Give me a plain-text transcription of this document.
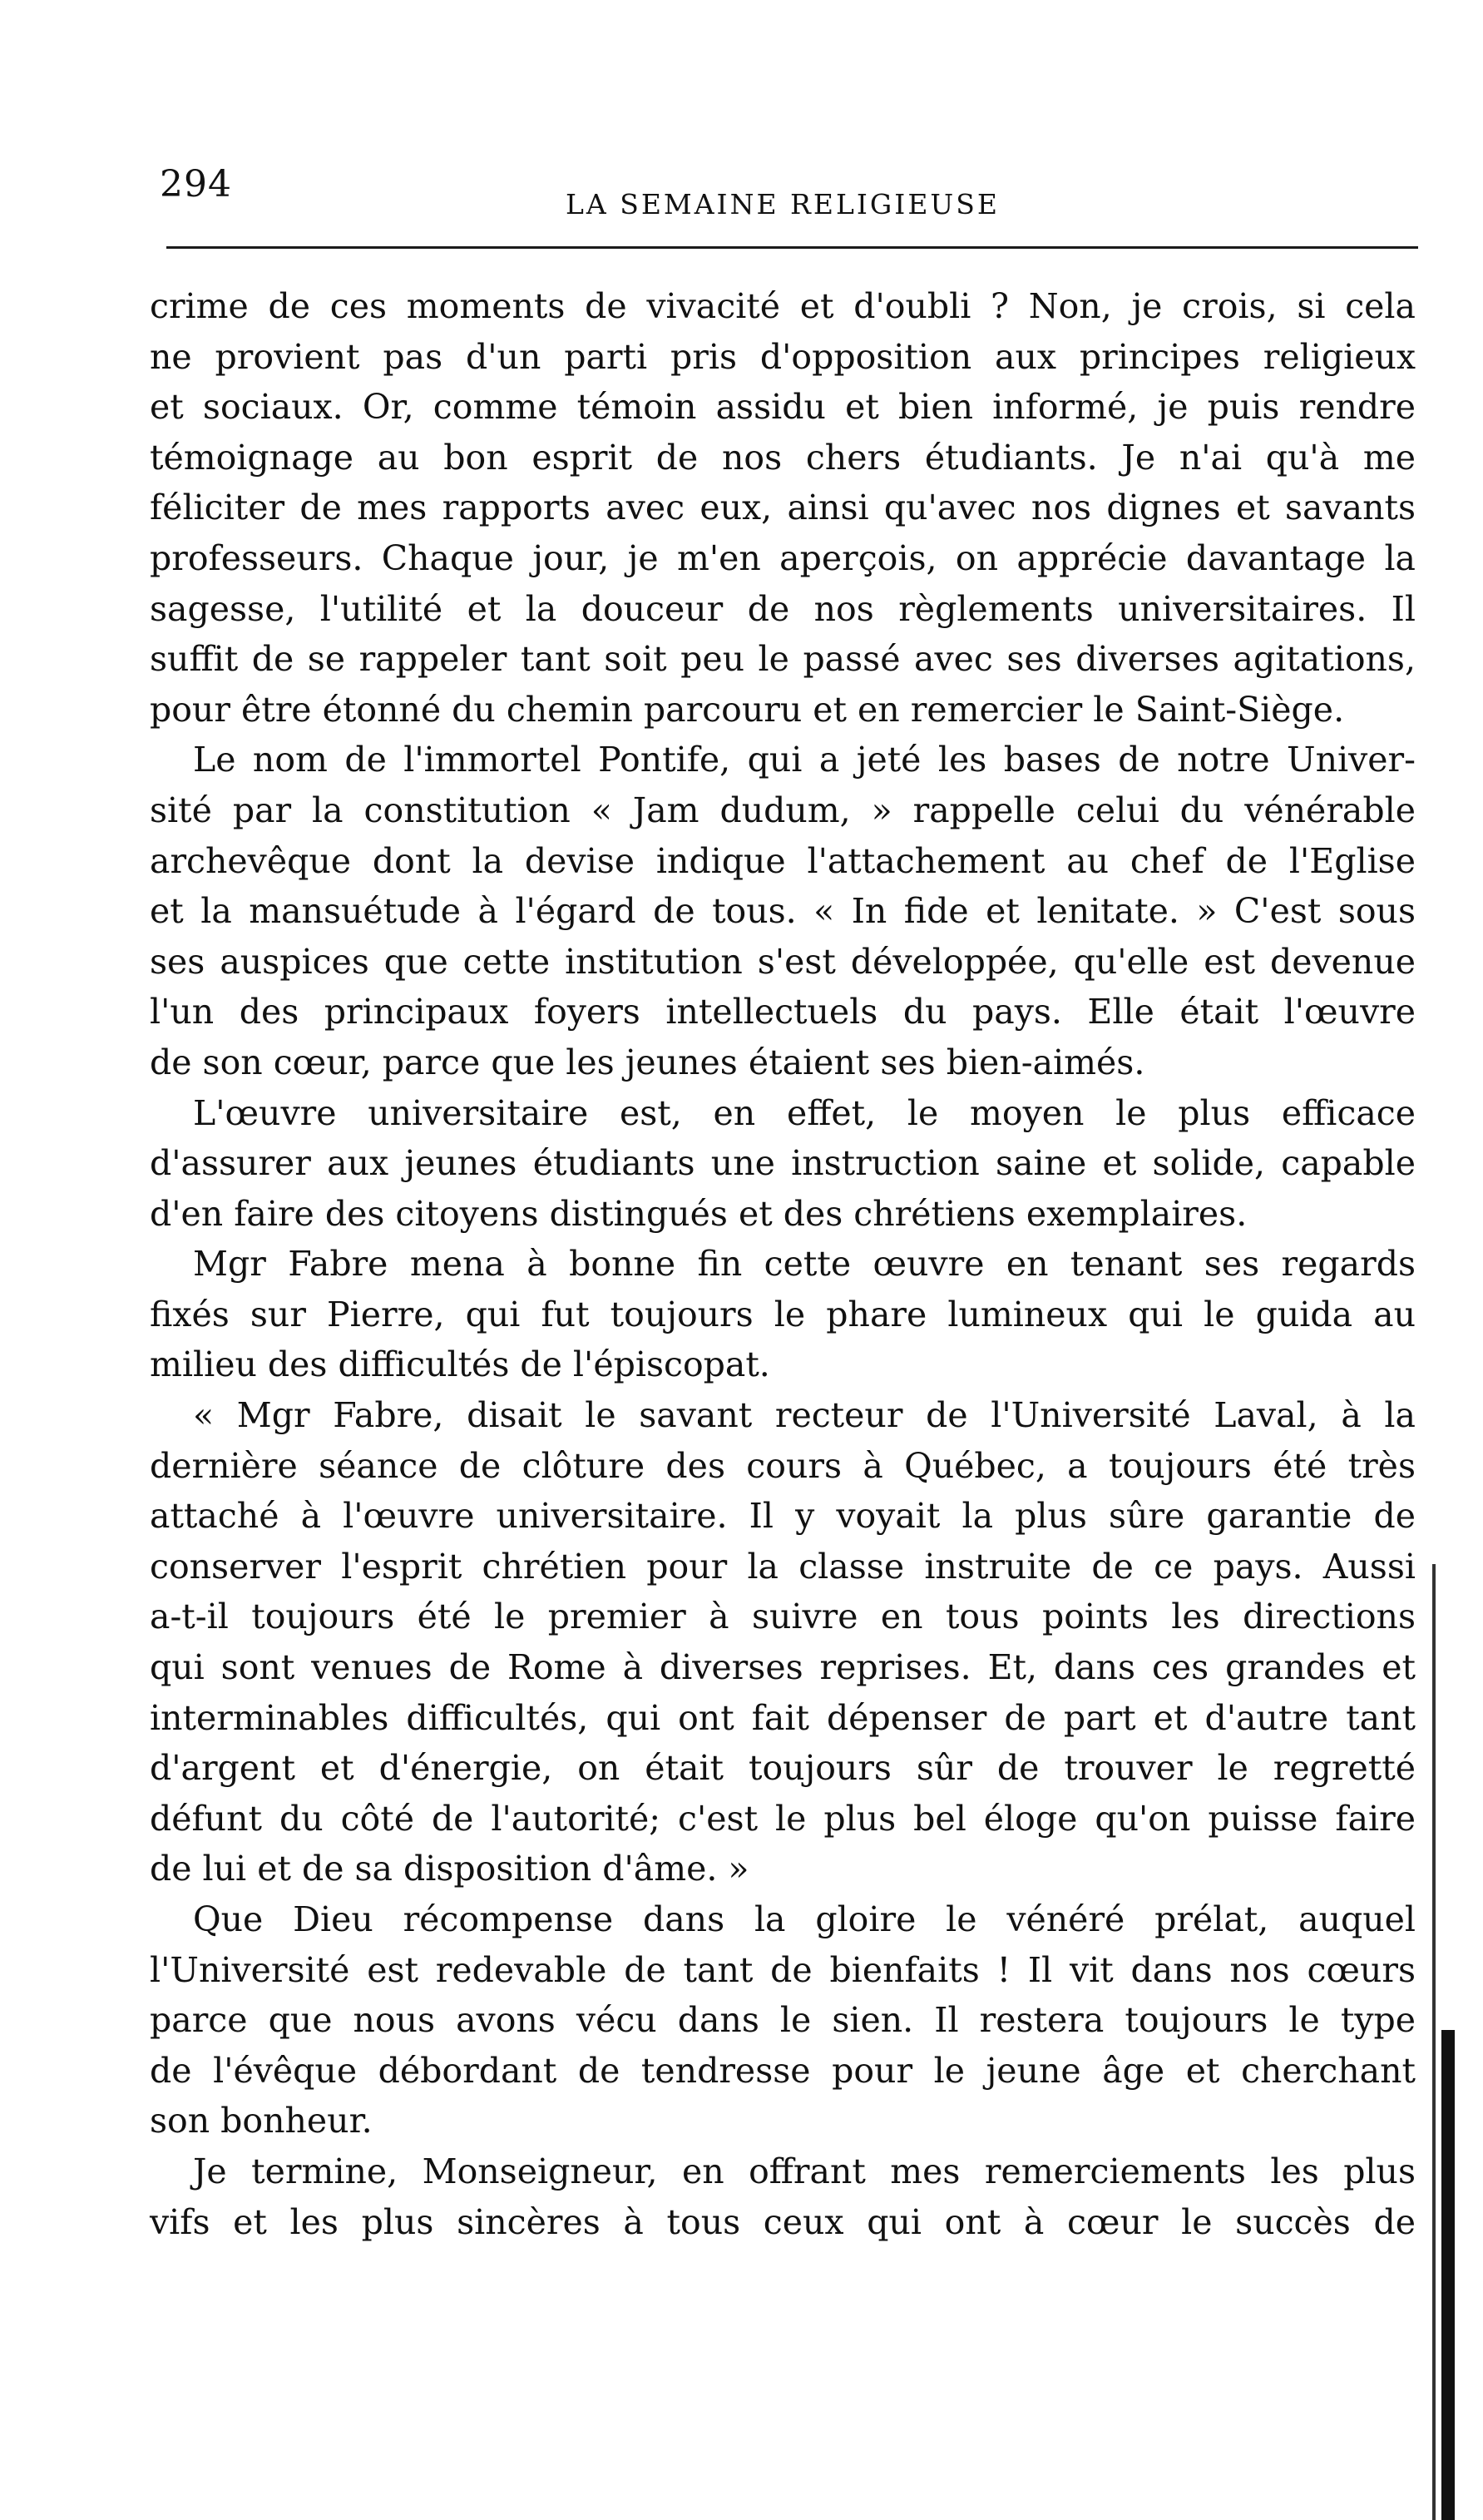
294	LA SEMAINE RELIGIEUSE
crime de ces moments de vivacité et d'oubli ? Non, je crois, si cela
ne provient pas d'un parti pris d'opposition aux principes religieux
et sociaux. Or, comme témoin assidu et bien informé, je puis rendre
témoignage au bon esprit de nos chers étudiants. Je n'ai qu'à me
féliciter de mes rapports avec eux, ainsi qu'avec nos dignes et savants
professeurs. Chaque jour, je m'en aperçois, on apprécie davantage la
sagesse, l'utilité et la douceur de nos règlements universitaires. Il
suffit de se rappeler tant soit peu le passé avec ses diverses agitations,
pour être étonné du chemin parcouru et en remercier le Saint-Siège.
Le nom de l'immortel Pontife, qui a jeté les bases de notre Univer-
sité par la constitution « Jam dudum, » rappelle celui du vénérable
archevêque dont la devise indique l'attachement au chef de l'Eglise
et la mansuétude à l'égard de tous. « In fide et lenitate. » C'est sous
ses auspices que cette institution s'est développée, qu'elle est devenue
l'un des principaux foyers intellectuels du pays. Elle était l'œuvre
de son cœur, parce que les jeunes étaient ses bien-aimés.
L'œuvre universitaire est, en effet, le moyen le plus efficace
d'assurer aux jeunes étudiants une instruction saine et solide, capable
d'en faire des citoyens distingués et des chrétiens exemplaires.
Mgr Fabre mena à bonne fin cette œuvre en tenant ses regards
fixés sur Pierre, qui fut toujours le phare lumineux qui le guida au
milieu des difficultés de l'épiscopat.
« Mgr Fabre, disait le savant recteur de l'Université Laval, à la
dernière séance de clôture des cours à Québec, a toujours été très
attaché à l'œuvre universitaire. Il y voyait la plus sûre garantie de
conserver l'esprit chrétien pour la classe instruite de ce pays. Aussi
a-t-il toujours été le premier à suivre en tous points les directions
qui sont venues de Rome à diverses reprises. Et, dans ces grandes et
interminables difficultés, qui ont fait dépenser de part et d'autre tant
d'argent et d'énergie, on était toujours sûr de trouver le regretté
défunt du côté de l'autorité; c'est le plus bel éloge qu'on puisse faire
de lui et de sa disposition d'âme. »
Que Dieu récompense dans la gloire le vénéré prélat, auquel
l'Université est redevable de tant de bienfaits ! Il vit dans nos cœurs
parce que nous avons vécu dans le sien. Il restera toujours le type
de l'évêque débordant de tendresse pour le jeune âge et cherchant
son bonheur.
Je termine, Monseigneur, en offrant mes remerciements les plus
vifs et les plus sincères à tous ceux qui ont à cœur le succès de
